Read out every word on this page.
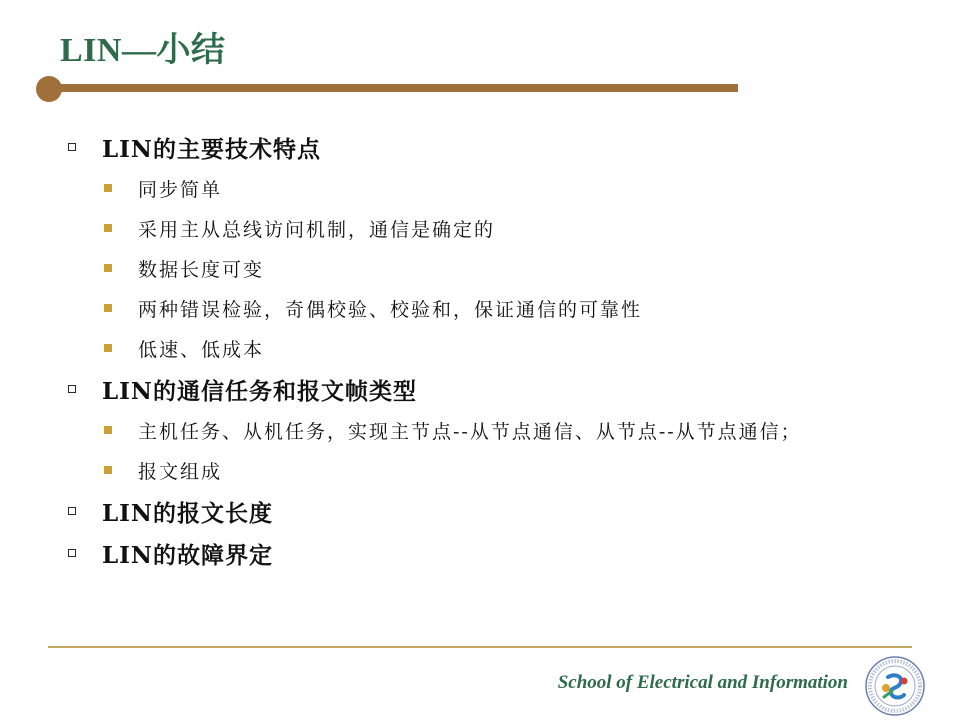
LIN—小结
LIN的主要技术特点
同步简单
采用主从总线访问机制，通信是确定的
数据长度可变
两种错误检验，奇偶校验、校验和，保证通信的可靠性
低速、低成本
LIN的通信任务和报文帧类型
主机任务、从机任务，实现主节点--从节点通信、从节点--从节点通信；
报文组成
LIN的报文长度
LIN的故障界定
School of Electrical and Information
